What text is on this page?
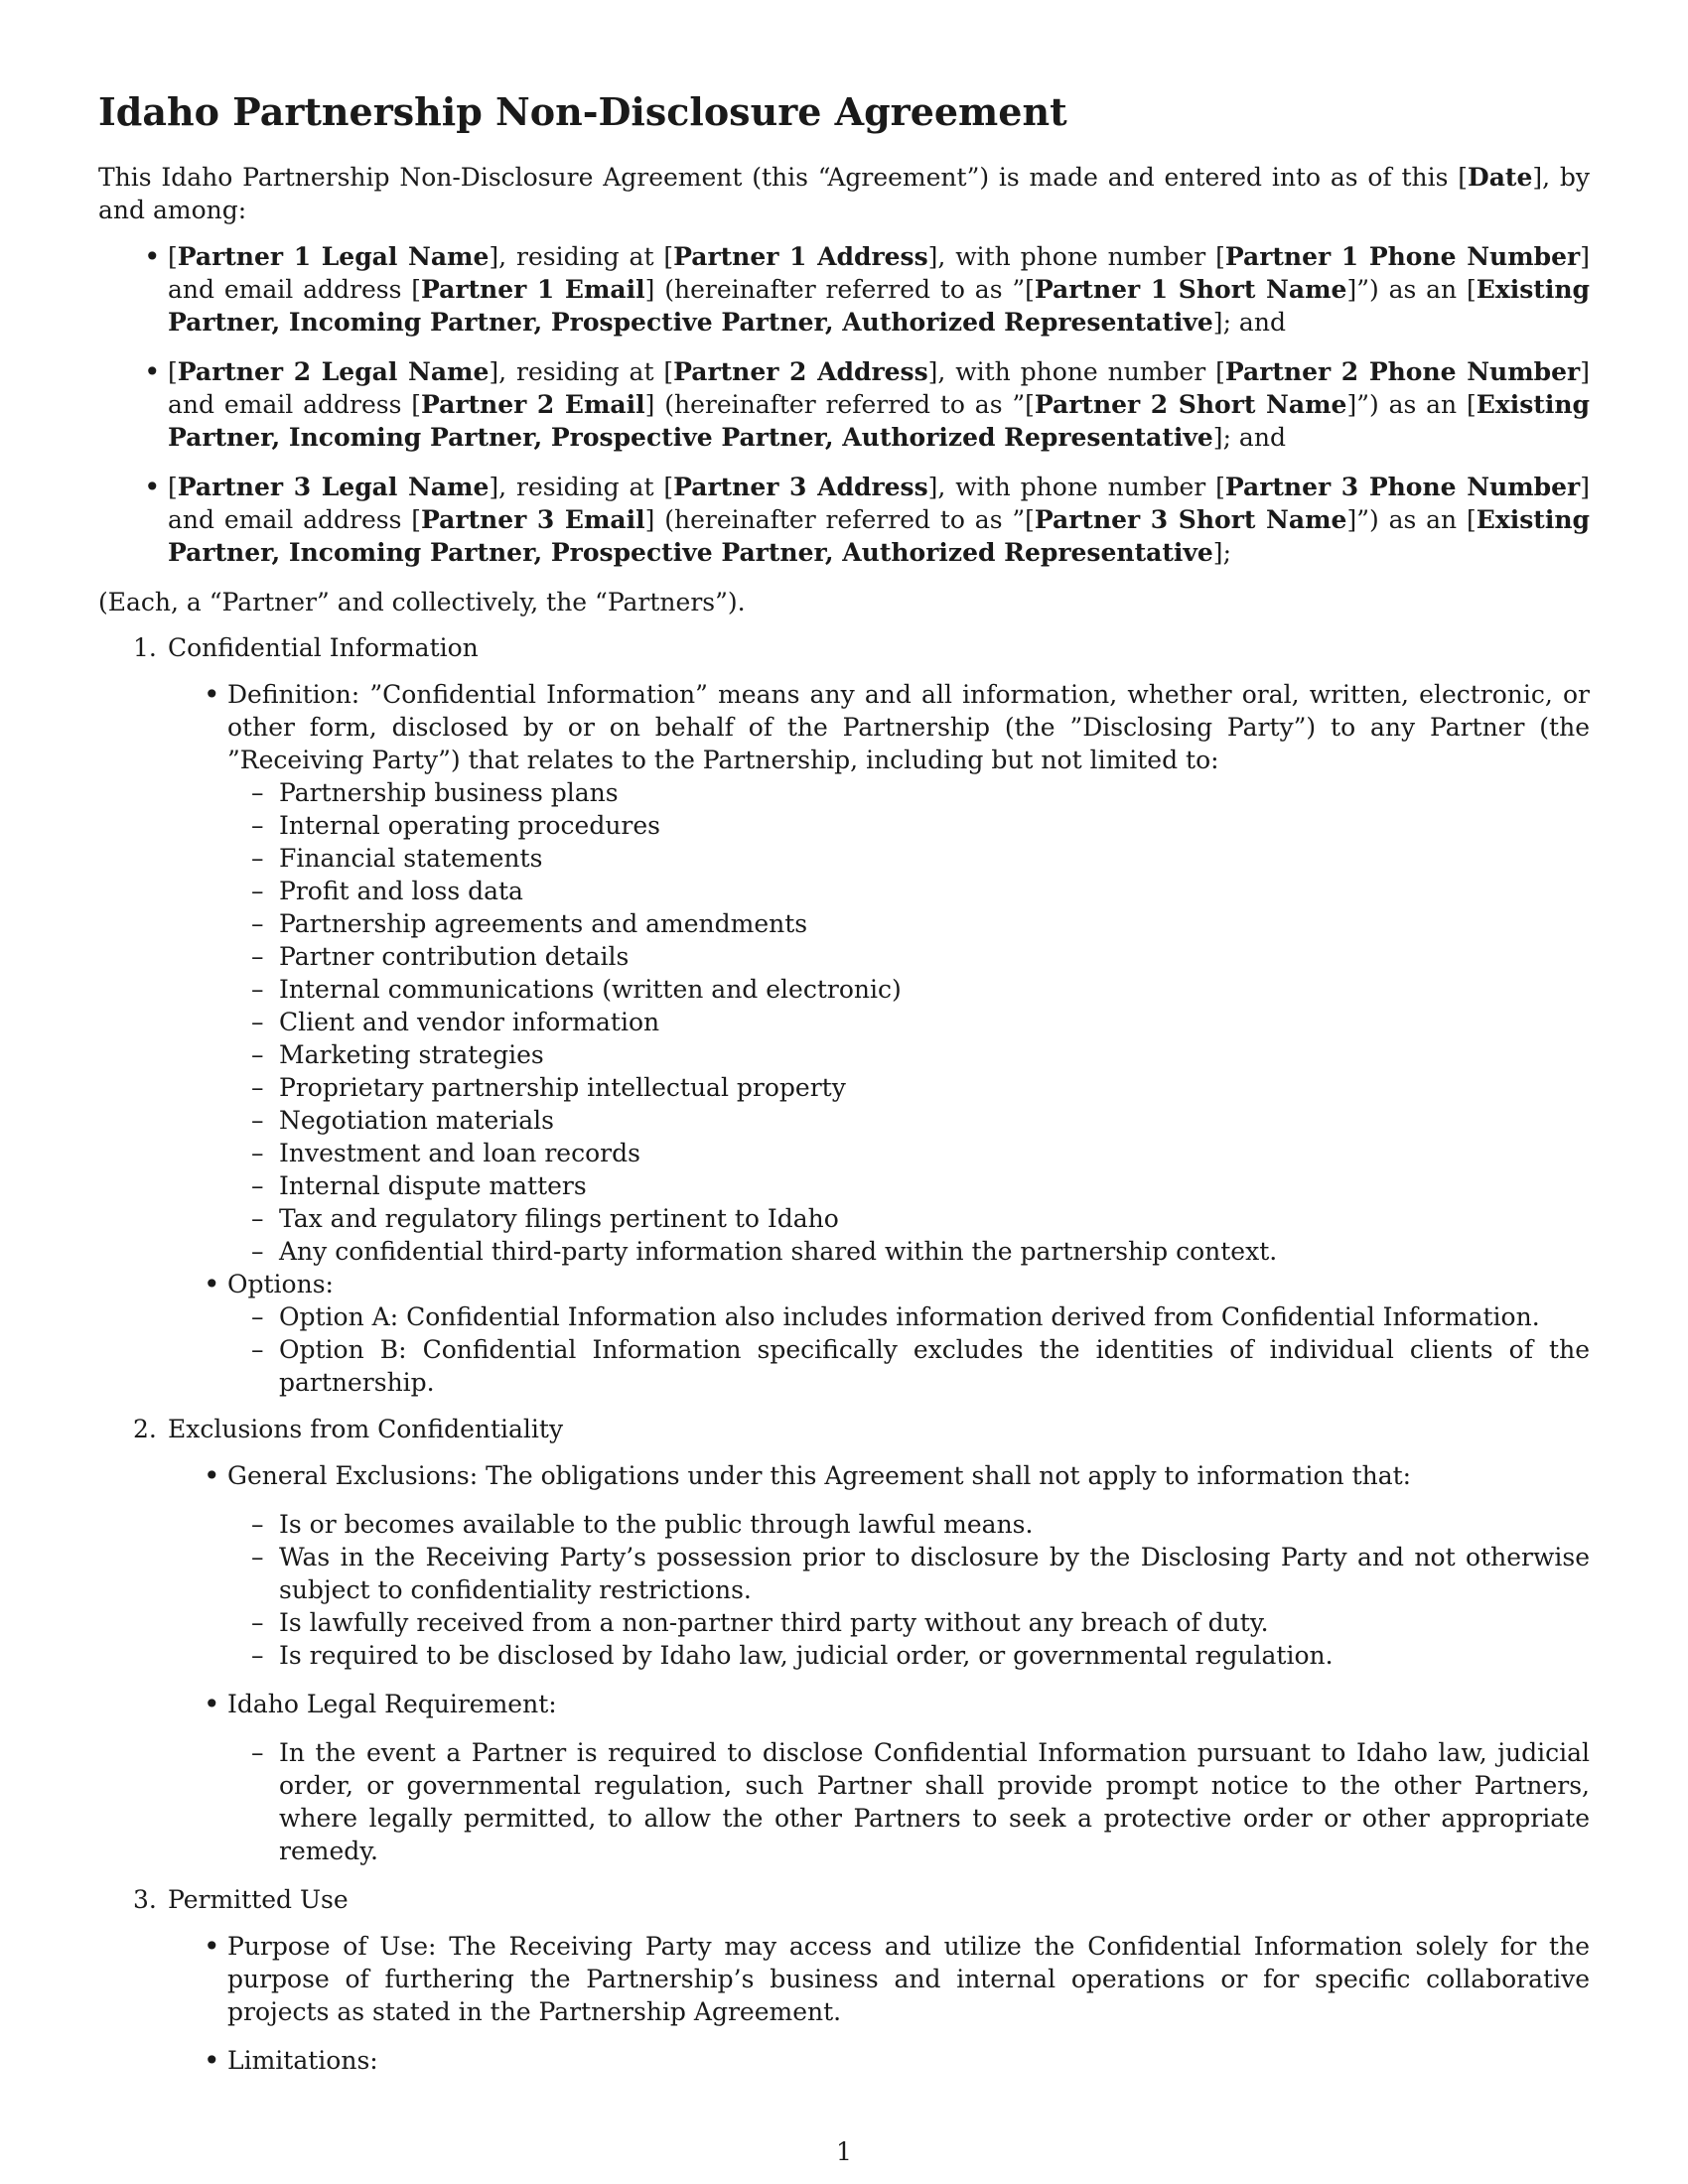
Idaho Partnership Non-Disclosure Agreement

This Idaho Partnership Non-Disclosure Agreement (this “Agreement”) is made and entered into as of this [Date], by and among:

• [Partner 1 Legal Name], residing at [Partner 1 Address], with phone number [Partner 1 Phone Number] and email address [Partner 1 Email] (hereinafter referred to as ”[Partner 1 Short Name]”) as an [Existing Partner, Incoming Partner, Prospective Partner, Authorized Representative]; and
• [Partner 2 Legal Name], residing at [Partner 2 Address], with phone number [Partner 2 Phone Number] and email address [Partner 2 Email] (hereinafter referred to as ”[Partner 2 Short Name]”) as an [Existing Partner, Incoming Partner, Prospective Partner, Authorized Representative]; and
• [Partner 3 Legal Name], residing at [Partner 3 Address], with phone number [Partner 3 Phone Number] and email address [Partner 3 Email] (hereinafter referred to as ”[Partner 3 Short Name]”) as an [Existing Partner, Incoming Partner, Prospective Partner, Authorized Representative];

(Each, a “Partner” and collectively, the “Partners”).

1. Confidential Information
• Definition: ”Confidential Information” means any and all information, whether oral, written, electronic, or other form, disclosed by or on behalf of the Partnership (the ”Disclosing Party”) to any Partner (the ”Receiving Party”) that relates to the Partnership, including but not limited to:
– Partnership business plans
– Internal operating procedures
– Financial statements
– Profit and loss data
– Partnership agreements and amendments
– Partner contribution details
– Internal communications (written and electronic)
– Client and vendor information
– Marketing strategies
– Proprietary partnership intellectual property
– Negotiation materials
– Investment and loan records
– Internal dispute matters
– Tax and regulatory filings pertinent to Idaho
– Any confidential third-party information shared within the partnership context.
• Options:
– Option A: Confidential Information also includes information derived from Confidential Information.
– Option B: Confidential Information specifically excludes the identities of individual clients of the partnership.
2. Exclusions from Confidentiality
• General Exclusions: The obligations under this Agreement shall not apply to information that:
– Is or becomes available to the public through lawful means.
– Was in the Receiving Party’s possession prior to disclosure by the Disclosing Party and not otherwise subject to confidentiality restrictions.
– Is lawfully received from a non-partner third party without any breach of duty.
– Is required to be disclosed by Idaho law, judicial order, or governmental regulation.
• Idaho Legal Requirement:
– In the event a Partner is required to disclose Confidential Information pursuant to Idaho law, judicial order, or governmental regulation, such Partner shall provide prompt notice to the other Partners, where legally permitted, to allow the other Partners to seek a protective order or other appropriate remedy.
3. Permitted Use
• Purpose of Use: The Receiving Party may access and utilize the Confidential Information solely for the purpose of furthering the Partnership’s business and internal operations or for specific collaborative projects as stated in the Partnership Agreement.
• Limitations:
1
